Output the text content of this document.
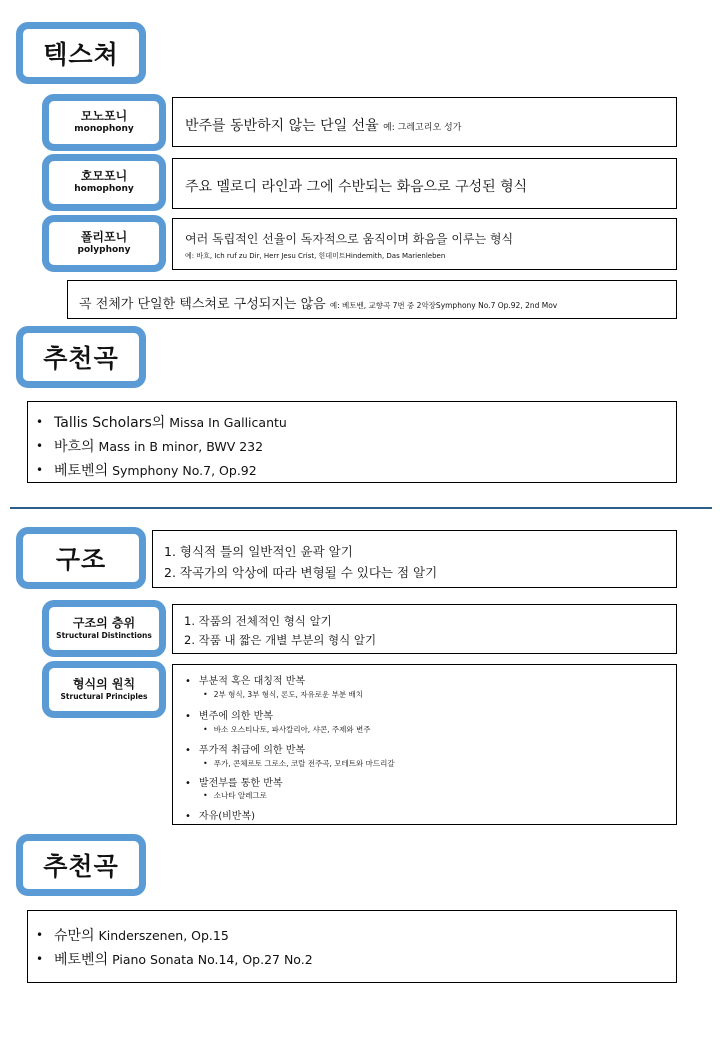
텍스쳐
모노포니
monophony	반주를 동반하지 않는 단일 선율 예: 그레고리오 성가
호모포니
homophony	주요 멜로디 라인과 그에 수반되는 화음으로 구성된 형식
폴리포니
polyphony
여러 독립적인 선율이 독자적으로 움직이며 화음을 이루는 형식
예: 바흐, Ich ruf zu Dir, Herr Jesu Crist, 힌데미트Hindemith, Das Marienleben
곡 전체가 단일한 텍스쳐로 구성되지는 않음 예: 베토벤, 교향곡 7번 중 2악장Symphony No.7 Op.92, 2nd Mov
추천곡
• Tallis Scholars의 Missa In Gallicantu
• 바흐의 Mass in B minor, BWV 232
• 베토벤의 Symphony No.7, Op.92
구조	1. 형식적 틀의 일반적인 윤곽 알기
2. 작곡가의 악상에 따라 변형될 수 있다는 점 알기
구조의 층위
Structural Distinctions
1. 작품의 전체적인 형식 알기
2. 작품 내 짧은 개별 부분의 형식 알기
형식의 원칙
Structural Principles
• 부분적 혹은 대칭적 반복
• 2부 형식, 3부 형식, 론도, 자유로운 부분 배치
• 변주에 의한 반복
• 바소 오스티나토, 파사칼리아, 샤콘, 주제와 변주
• 푸가적 취급에 의한 반복
• 푸가, 콘체르토 그로소, 코랄 전주곡, 모테트와 마드리갈
• 발전부를 통한 반복
• 소나타 알레그로
• 자유(비반복)
추천곡
• 슈만의 Kinderszenen, Op.15
• 베토벤의 Piano Sonata No.14, Op.27 No.2
